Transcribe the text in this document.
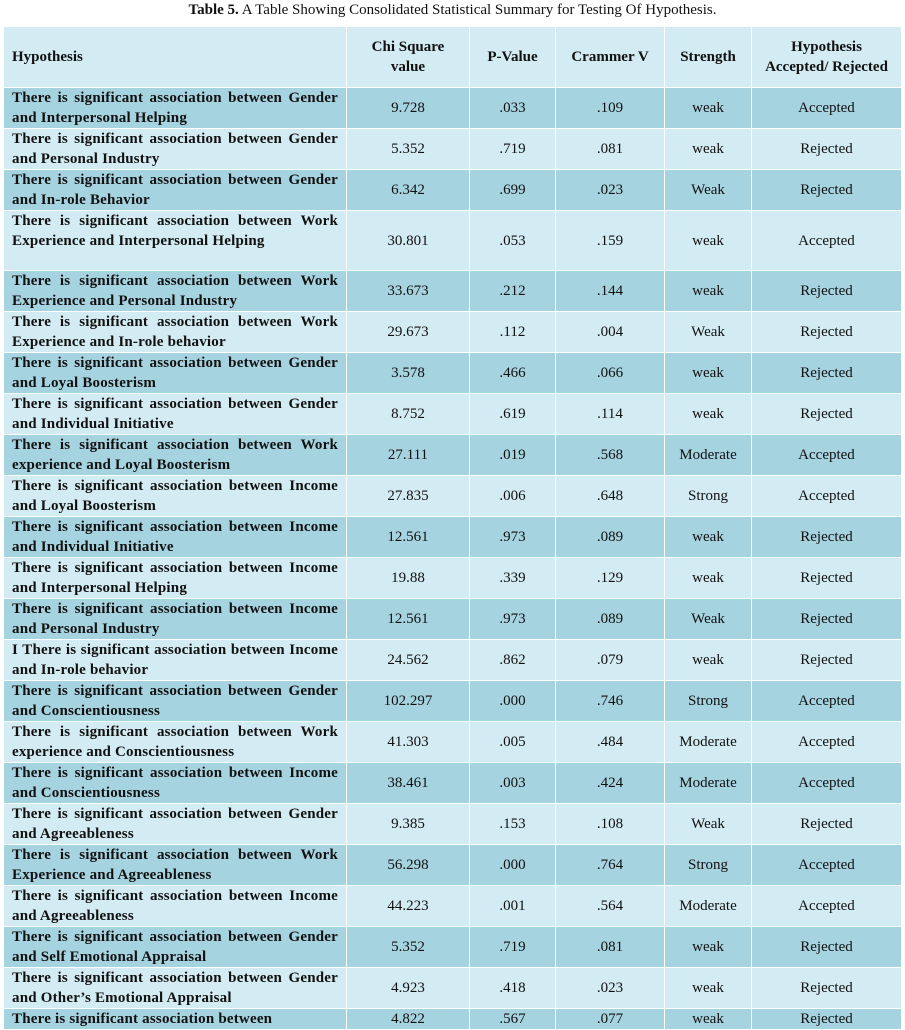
Table 5. A Table Showing Consolidated Statistical Summary for Testing Of Hypothesis.
Hypothesis	Chi Square value	P-Value	Crammer V	Strength	Hypothesis Accepted/ Rejected
There is significant association between Gender and Interpersonal Helping	9.728	.033	.109	weak	Accepted
There is significant association between Gender and Personal Industry	5.352	.719	.081	weak	Rejected
There is significant association between Gender and In-role Behavior	6.342	.699	.023	Weak	Rejected
There is significant association between Work Experience and Interpersonal Helping	30.801	.053	.159	weak	Accepted
There is significant association between Work Experience and Personal Industry	33.673	.212	.144	weak	Rejected
There is significant association between Work Experience and In-role behavior	29.673	.112	.004	Weak	Rejected
There is significant association between Gender and Loyal Boosterism	3.578	.466	.066	weak	Rejected
There is significant association between Gender and Individual Initiative	8.752	.619	.114	weak	Rejected
There is significant association between Work experience and Loyal Boosterism	27.111	.019	.568	Moderate	Accepted
There is significant association between Income and Loyal Boosterism	27.835	.006	.648	Strong	Accepted
There is significant association between Income and Individual Initiative	12.561	.973	.089	weak	Rejected
There is significant association between Income and Interpersonal Helping	19.88	.339	.129	weak	Rejected
There is significant association between Income and Personal Industry	12.561	.973	.089	Weak	Rejected
I There is significant association between Income and In-role behavior	24.562	.862	.079	weak	Rejected
There is significant association between Gender and Conscientiousness	102.297	.000	.746	Strong	Accepted
There is significant association between Work experience and Conscientiousness	41.303	.005	.484	Moderate	Accepted
There is significant association between Income and Conscientiousness	38.461	.003	.424	Moderate	Accepted
There is significant association between Gender and Agreeableness	9.385	.153	.108	Weak	Rejected
There is significant association between Work Experience and Agreeableness	56.298	.000	.764	Strong	Accepted
There is significant association between Income and Agreeableness	44.223	.001	.564	Moderate	Accepted
There is significant association between Gender and Self Emotional Appraisal	5.352	.719	.081	weak	Rejected
There is significant association between Gender and Other’s Emotional Appraisal	4.923	.418	.023	weak	Rejected
There is significant association between	4.822	.567	.077	weak	Rejected
